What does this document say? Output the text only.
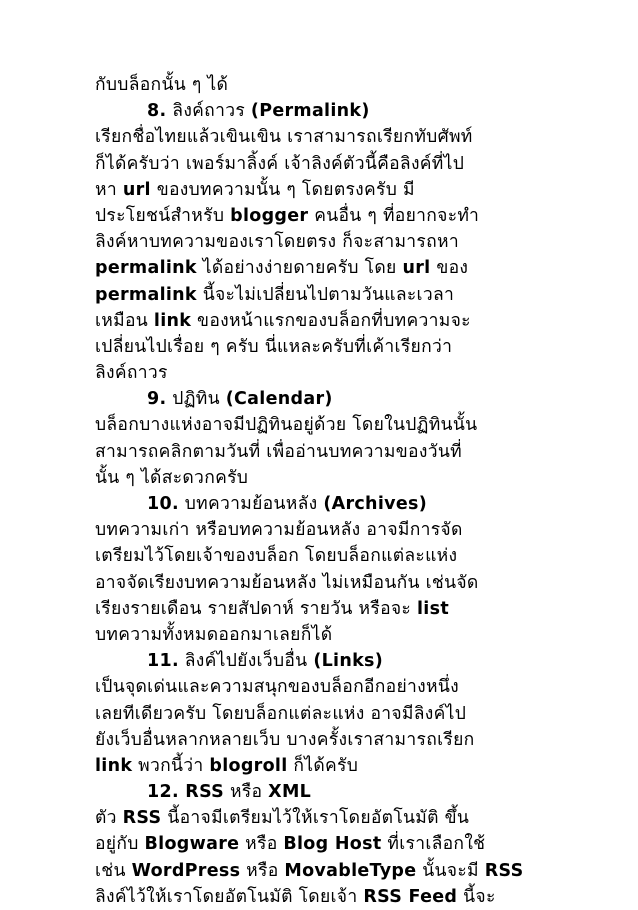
กับบล็อกนั้น ๆ ได้
8. ลิงค์ถาวร (Permalink)
เรียกชื่อไทยแล้วเขินเขิน เราสามารถเรียกทับศัพท์
ก็ได้ครับว่า เพอร์มาลิ้งค์ เจ้าลิงค์ตัวนี้คือลิงค์ที่ไป
หา url ของบทความนั้น ๆ โดยตรงครับ มี
ประโยชน์สำหรับ blogger คนอื่น ๆ ที่อยากจะทำ
ลิงค์หาบทความของเราโดยตรง ก็จะสามารถหา
permalink ได้อย่างง่ายดายครับ โดย url ของ
permalink นี้จะไม่เปลี่ยนไปตามวันและเวลา
เหมือน link ของหน้าแรกของบล็อกที่บทความจะ
เปลี่ยนไปเรื่อย ๆ ครับ นี่แหละครับที่เค้าเรียกว่า
ลิงค์ถาวร
9. ปฏิทิน (Calendar)
บล็อกบางแห่งอาจมีปฏิทินอยู่ด้วย โดยในปฏิทินนั้น
สามารถคลิกตามวันที่ เพื่ออ่านบทความของวันที่
นั้น ๆ ได้สะดวกครับ
10. บทความย้อนหลัง (Archives)
บทความเก่า หรือบทความย้อนหลัง อาจมีการจัด
เตรียมไว้โดยเจ้าของบล็อก โดยบล็อกแต่ละแห่ง
อาจจัดเรียงบทความย้อนหลัง ไม่เหมือนกัน เช่นจัด
เรียงรายเดือน รายสัปดาห์ รายวัน หรือจะ list
บทความทั้งหมดออกมาเลยก็ได้
11. ลิงค์ไปยังเว็บอื่น (Links)
เป็นจุดเด่นและความสนุกของบล็อกอีกอย่างหนึ่ง
เลยทีเดียวครับ โดยบล็อกแต่ละแห่ง อาจมีลิงค์ไป
ยังเว็บอื่นหลากหลายเว็บ บางครั้งเราสามารถเรียก
link พวกนี้ว่า blogroll ก็ได้ครับ
12. RSS หรือ XML
ตัว RSS นี้อาจมีเตรียมไว้ให้เราโดยอัตโนมัติ ขึ้น
อยู่กับ Blogware หรือ Blog Host ที่เราเลือกใช้
เช่น WordPress หรือ MovableType นั้นจะมี RSS
ลิงค์ไว้ให้เราโดยอัตโนมัติ โดยเจ้า RSS Feed นี้จะ
